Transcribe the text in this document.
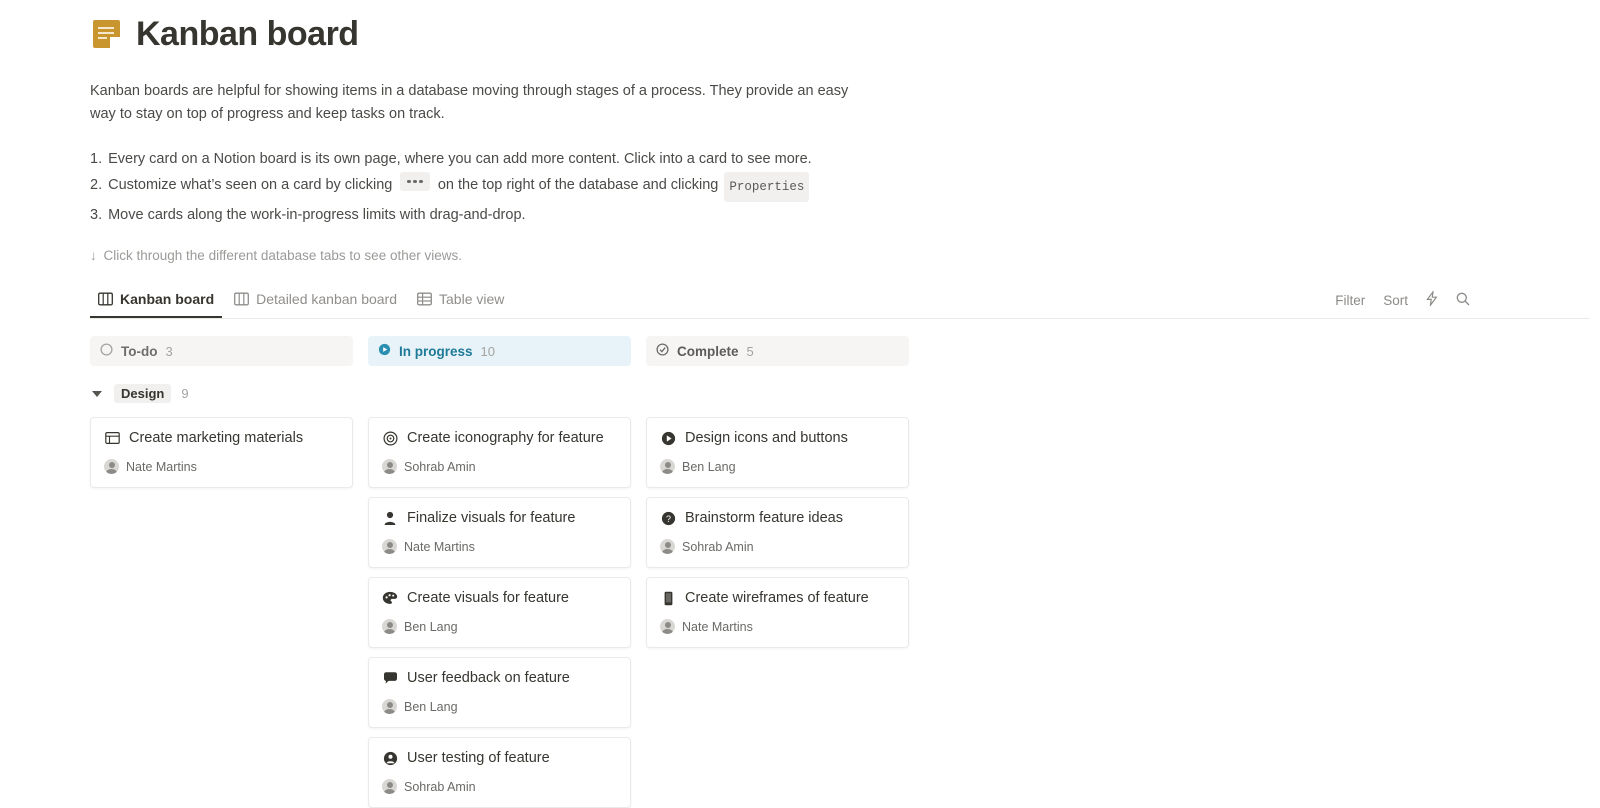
Kanban board
Kanban boards are helpful for showing items in a database moving through stages of a process. They provide an easy way to stay on top of progress and keep tasks on track.
1. Every card on a Notion board is its own page, where you can add more content. Click into a card to see more.
2. Customize what’s seen on a card by clicking	on the top right of the database and clicking Properties
3. Move cards along the work-in-progress limits with drag-and-drop.
↓ Click through the different database tabs to see other views.
Kanban board	Detailed kanban board	Table view	Filter Sort
To-do 3
Design	9
Create marketing materials
Nate Martins
In progress 10
Create iconography for feature
Sohrab Amin
Finalize visuals for feature
Nate Martins
Create visuals for feature
Ben Lang
User feedback on feature
Ben Lang
User testing of feature
Sohrab Amin
Complete 5
Design icons and buttons
Ben Lang
? Brainstorm feature ideas
Sohrab Amin
Create wireframes of feature
Nate Martins
